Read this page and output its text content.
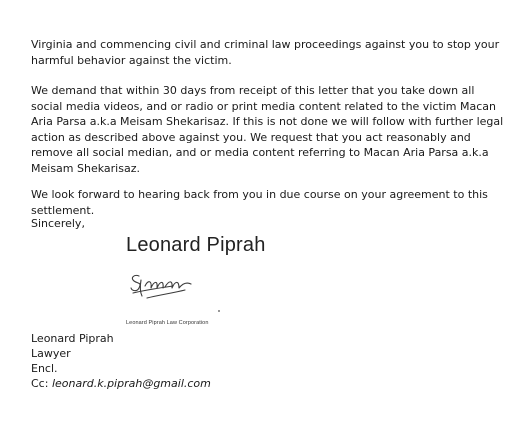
Virginia and commencing civil and criminal law proceedings against you to stop your harmful behavior against the victim.

We demand that within 30 days from receipt of this letter that you take down all social media videos, and or radio or print media content related to the victim Macan Aria Parsa a.k.a Meisam Shekarisaz. If this is not done we will follow with further legal action as described above against you. We request that you act reasonably and remove all social median, and or media content referring to Macan Aria Parsa a.k.a Meisam Shekarisaz.

We look forward to hearing back from you in due course on your agreement to this settlement.

Sincerely,

Leonard Piprah

Leonard Piprah Law Corporation

Leonard Piprah
Lawyer
Encl.
Cc: leonard.k.piprah@gmail.com
